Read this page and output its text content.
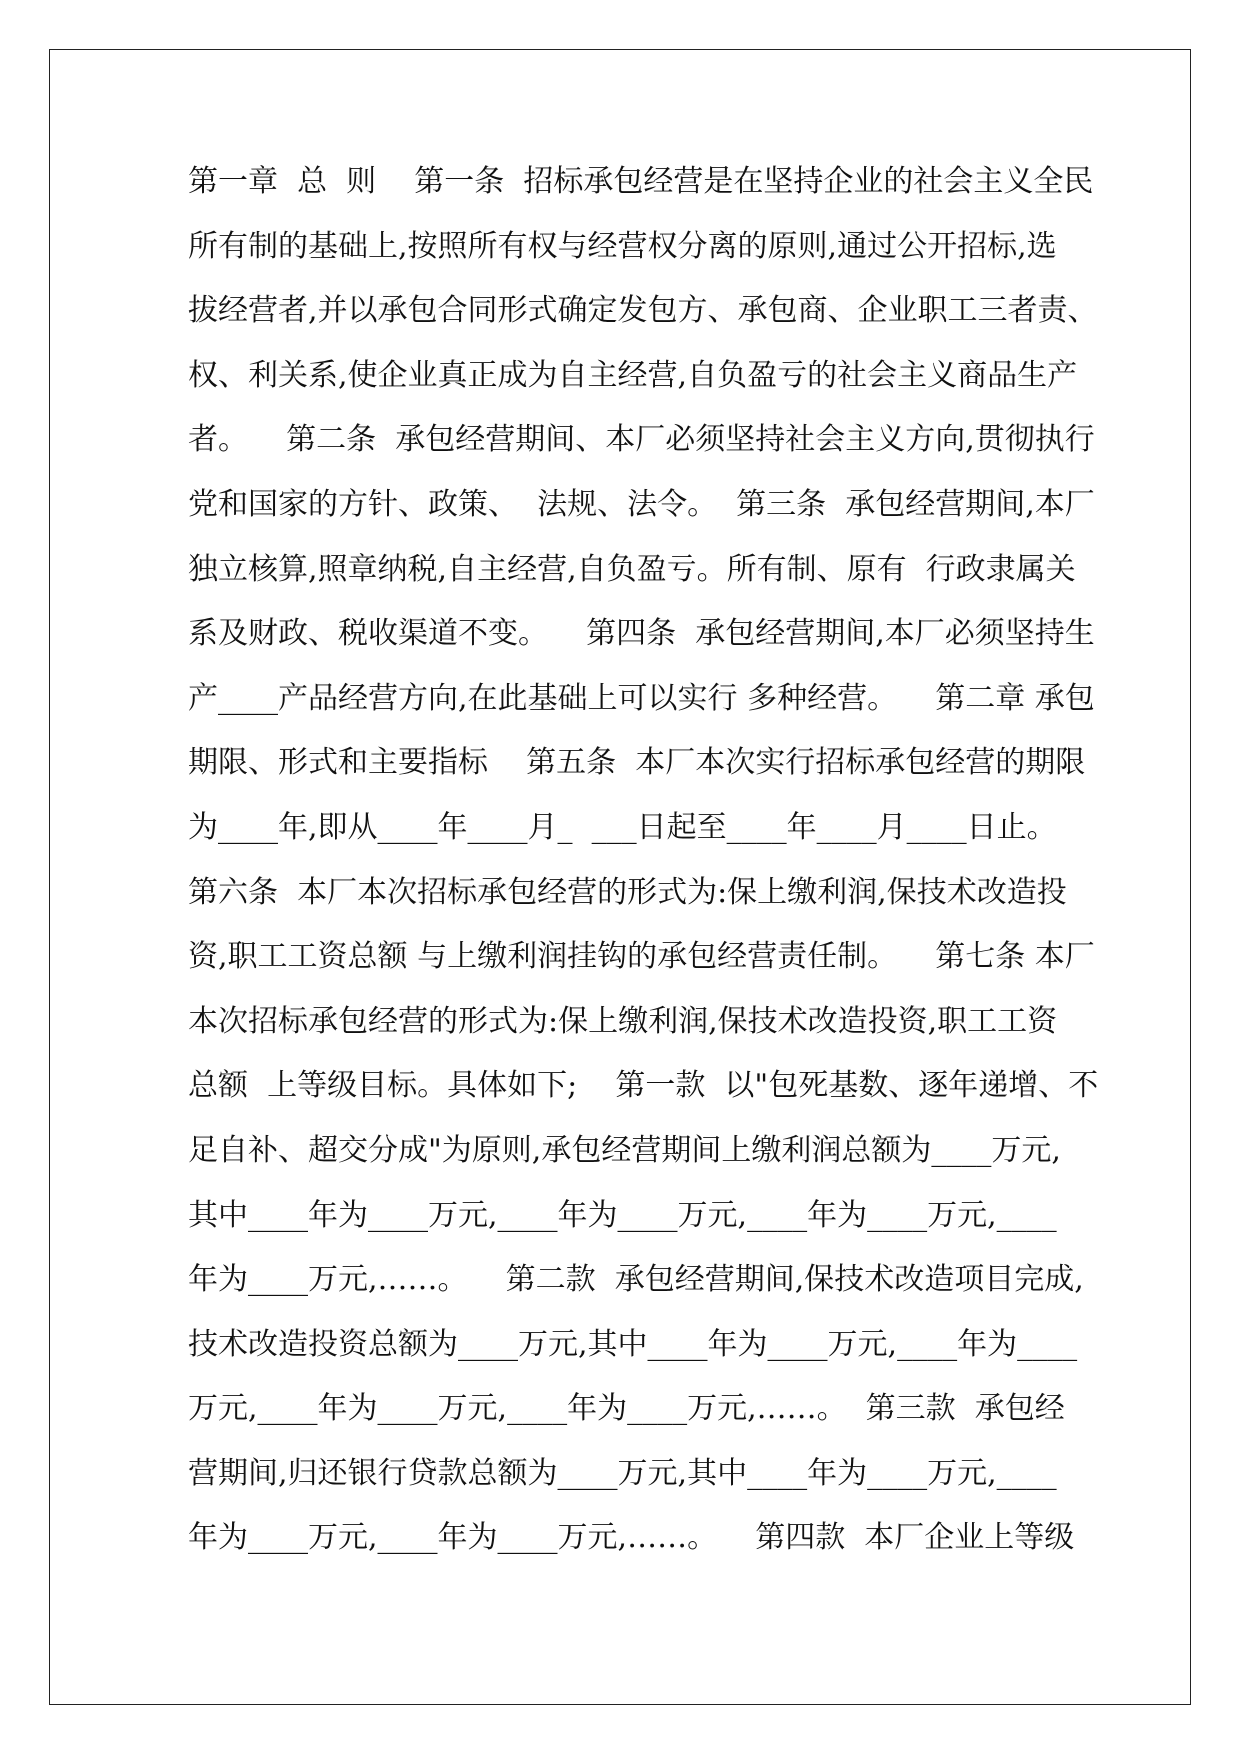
第一章  总  则    第一条  招标承包经营是在坚持企业的社会主义全民
所有制的基础上,按照所有权与经营权分离的原则,通过公开招标,选
拔经营者,并以承包合同形式确定发包方、承包商、企业职工三者责、
权、利关系,使企业真正成为自主经营,自负盈亏的社会主义商品生产
者。    第二条  承包经营期间、本厂必须坚持社会主义方向,贯彻执行
党和国家的方针、政策、  法规、法令。  第三条  承包经营期间,本厂
独立核算,照章纳税,自主经营,自负盈亏。所有制、原有  行政隶属关
系及财政、税收渠道不变。    第四条  承包经营期间,本厂必须坚持生
产____产品经营方向,在此基础上可以实行 多种经营。    第二章 承包
期限、形式和主要指标    第五条  本厂本次实行招标承包经营的期限
为____年,即从____年____月_  ___日起至____年____月____日止。
第六条  本厂本次招标承包经营的形式为:保上缴利润,保技术改造投
资,职工工资总额 与上缴利润挂钩的承包经营责任制。    第七条 本厂
本次招标承包经营的形式为:保上缴利润,保技术改造投资,职工工资
总额  上等级目标。具体如下;    第一款  以"包死基数、逐年递增、不
足自补、超交分成"为原则,承包经营期间上缴利润总额为____万元,
其中____年为____万元,____年为____万元,____年为____万元,____
年为____万元,……。    第二款  承包经营期间,保技术改造项目完成,
技术改造投资总额为____万元,其中____年为____万元,____年为____
万元,____年为____万元,____年为____万元,……。  第三款  承包经
营期间,归还银行贷款总额为____万元,其中____年为____万元,____
年为____万元,____年为____万元,……。    第四款  本厂企业上等级
